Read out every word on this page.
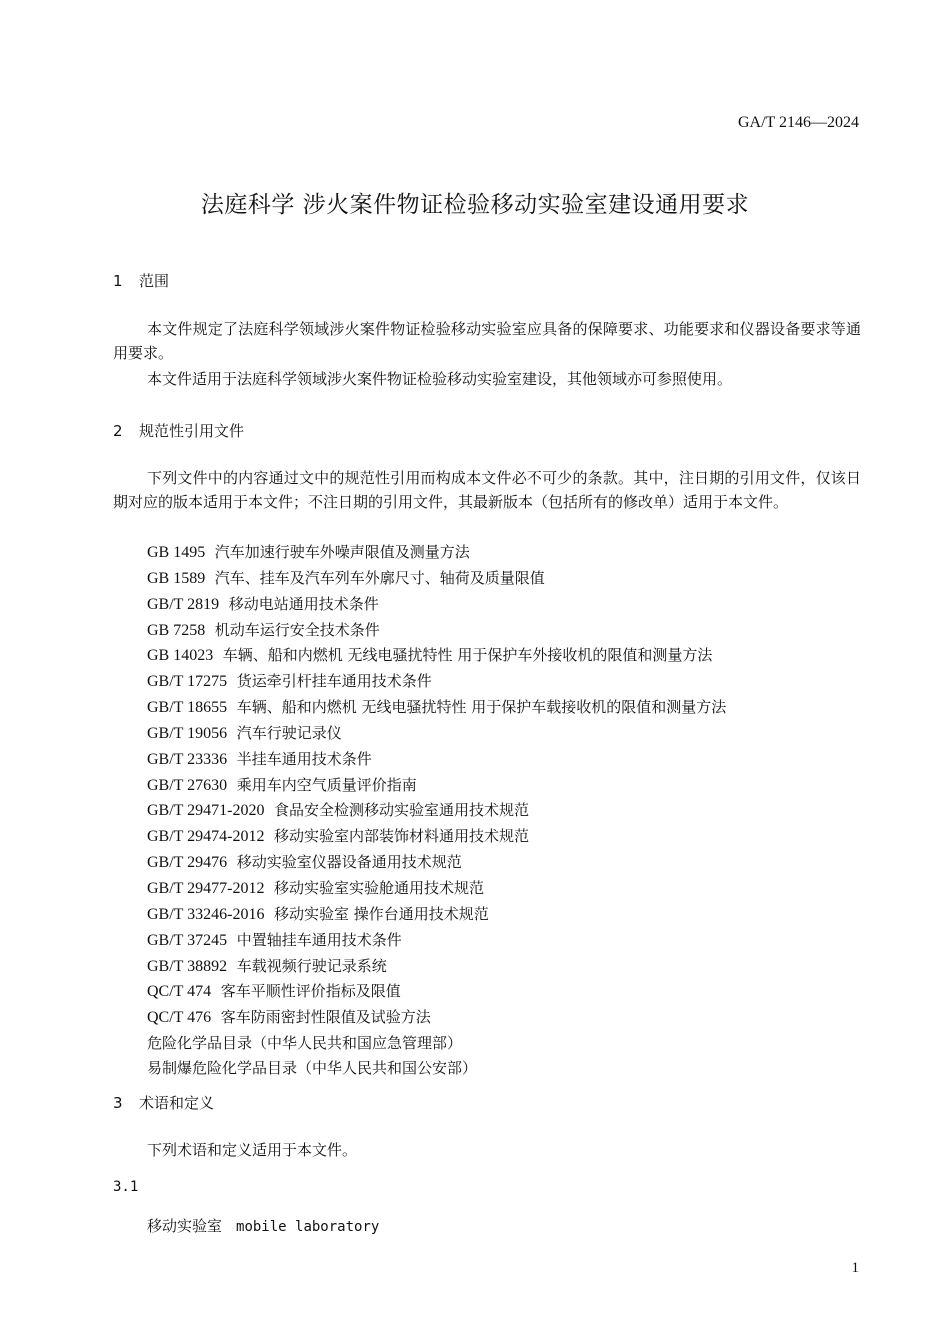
GA/T 2146—2024
法庭科学 涉火案件物证检验移动实验室建设通用要求
1 范围

本文件规定了法庭科学领域涉火案件物证检验移动实验室应具备的保障要求、功能要求和仪器设备要求等通用要求。

本文件适用于法庭科学领域涉火案件物证检验移动实验室建设，其他领域亦可参照使用。

2 规范性引用文件

下列文件中的内容通过文中的规范性引用而构成本文件必不可少的条款。其中，注日期的引用文件，仅该日期对应的版本适用于本文件；不注日期的引用文件，其最新版本（包括所有的修改单）适用于本文件。

GB 1495 汽车加速行驶车外噪声限值及测量方法
GB 1589 汽车、挂车及汽车列车外廓尺寸、轴荷及质量限值
GB/T 2819 移动电站通用技术条件
GB 7258 机动车运行安全技术条件
GB 14023 车辆、船和内燃机 无线电骚扰特性 用于保护车外接收机的限值和测量方法
GB/T 17275 货运牵引杆挂车通用技术条件
GB/T 18655 车辆、船和内燃机 无线电骚扰特性 用于保护车载接收机的限值和测量方法
GB/T 19056 汽车行驶记录仪
GB/T 23336 半挂车通用技术条件
GB/T 27630 乘用车内空气质量评价指南
GB/T 29471-2020 食品安全检测移动实验室通用技术规范
GB/T 29474-2012 移动实验室内部装饰材料通用技术规范
GB/T 29476 移动实验室仪器设备通用技术规范
GB/T 29477-2012 移动实验室实验舱通用技术规范
GB/T 33246-2016 移动实验室 操作台通用技术规范
GB/T 37245 中置轴挂车通用技术条件
GB/T 38892 车载视频行驶记录系统
QC/T 474 客车平顺性评价指标及限值
QC/T 476 客车防雨密封性限值及试验方法
危险化学品目录（中华人民共和国应急管理部）
易制爆危险化学品目录（中华人民共和国公安部）
3 术语和定义

下列术语和定义适用于本文件。

3.1
移动实验室 mobile laboratory
1
